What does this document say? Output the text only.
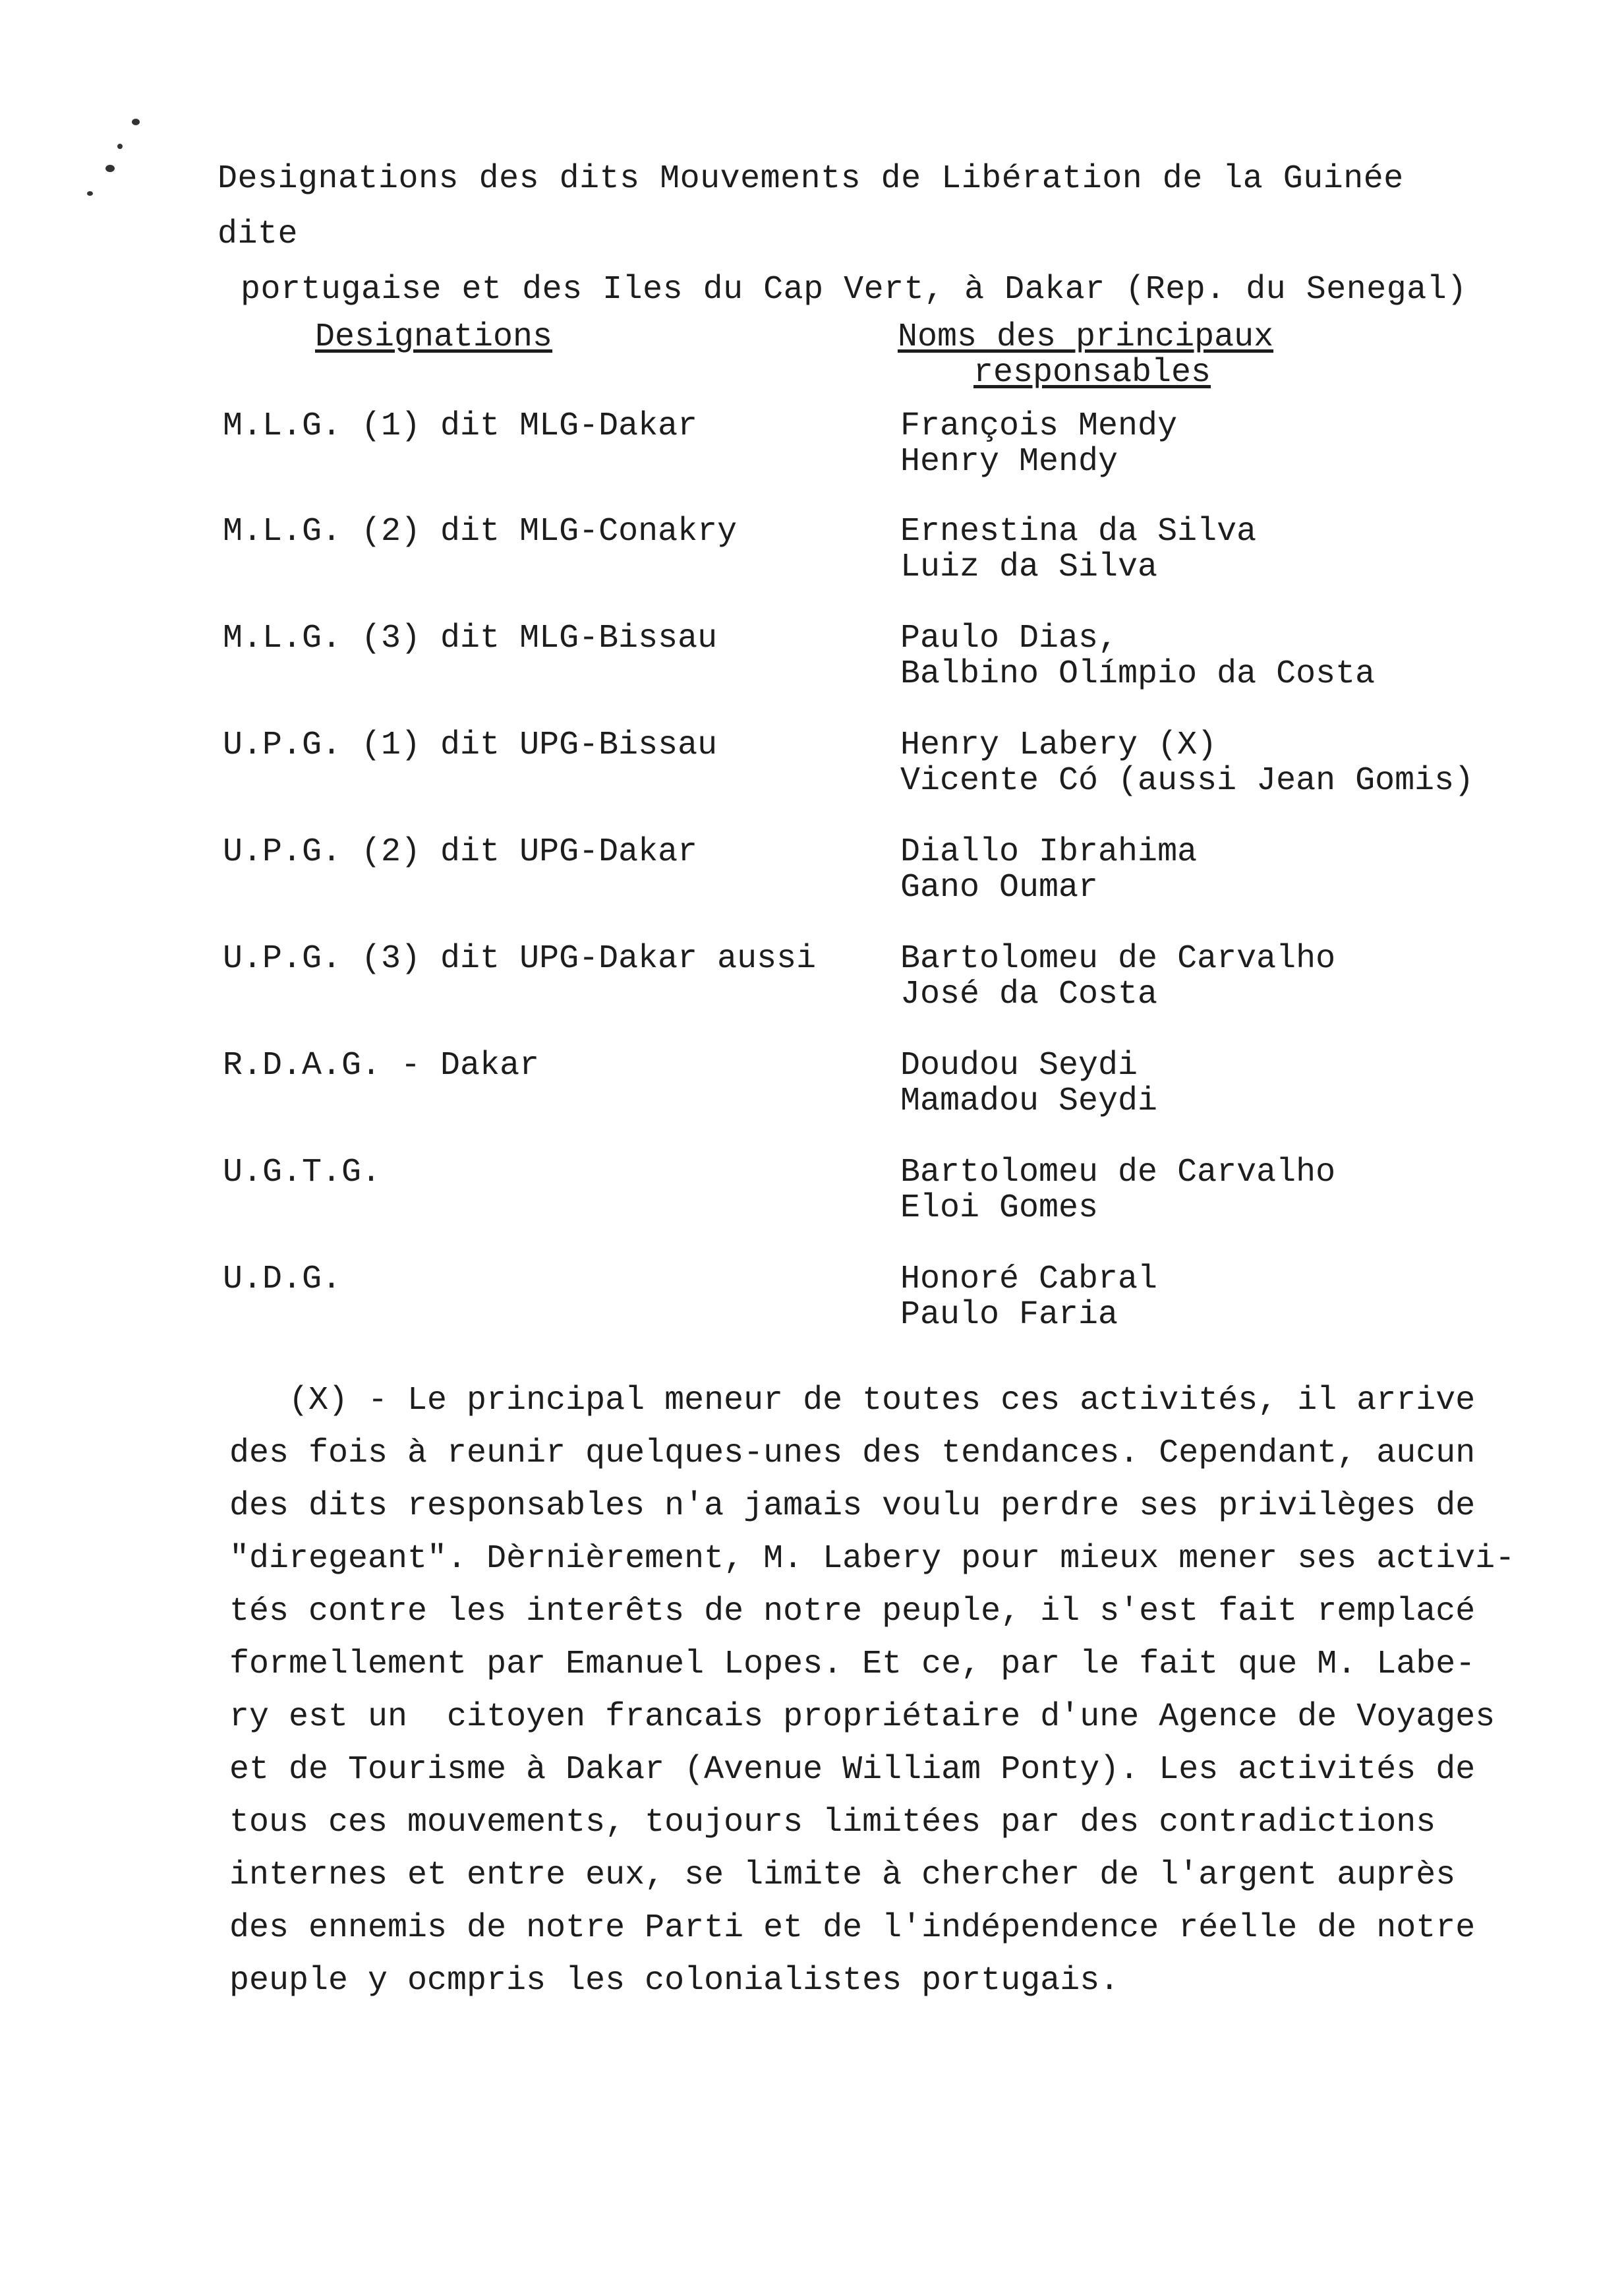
Designations des dits Mouvements de Libération de la Guinée dite
portugaise et des Iles du Cap Vert, à Dakar (Rep. du Senegal)
Designations	Noms des principaux
responsables
M.L.G. (1) dit MLG-Dakar	François Mendy
Henry Mendy
M.L.G. (2) dit MLG-Conakry	Ernestina da Silva
Luiz da Silva
M.L.G. (3) dit MLG-Bissau	Paulo Dias,
Balbino Olímpio da Costa
U.P.G. (1) dit UPG-Bissau	Henry Labery (X)
Vicente Có (aussi Jean Gomis)
U.P.G. (2) dit UPG-Dakar	Diallo Ibrahima
Gano Oumar
U.P.G. (3) dit UPG-Dakar aussi	Bartolomeu de Carvalho
José da Costa
R.D.A.G. - Dakar	Doudou Seydi
Mamadou Seydi
U.G.T.G.	Bartolomeu de Carvalho
Eloi Gomes
U.D.G.	Honoré Cabral
Paulo Faria
(X) - Le principal meneur de toutes ces activités, il arrive
des fois à reunir quelques-unes des tendances. Cependant, aucun
des dits responsables n'a jamais voulu perdre ses privilèges de
"diregeant". Dèrnièrement, M. Labery pour mieux mener ses activi-
tés contre les interêts de notre peuple, il s'est fait remplacé
formellement par Emanuel Lopes. Et ce, par le fait que M. Labe-
ry est un  citoyen francais propriétaire d'une Agence de Voyages
et de Tourisme à Dakar (Avenue William Ponty). Les activités de
tous ces mouvements, toujours limitées par des contradictions
internes et entre eux, se limite à chercher de l'argent auprès
des ennemis de notre Parti et de l'indépendence réelle de notre
peuple y ocmpris les colonialistes portugais.
